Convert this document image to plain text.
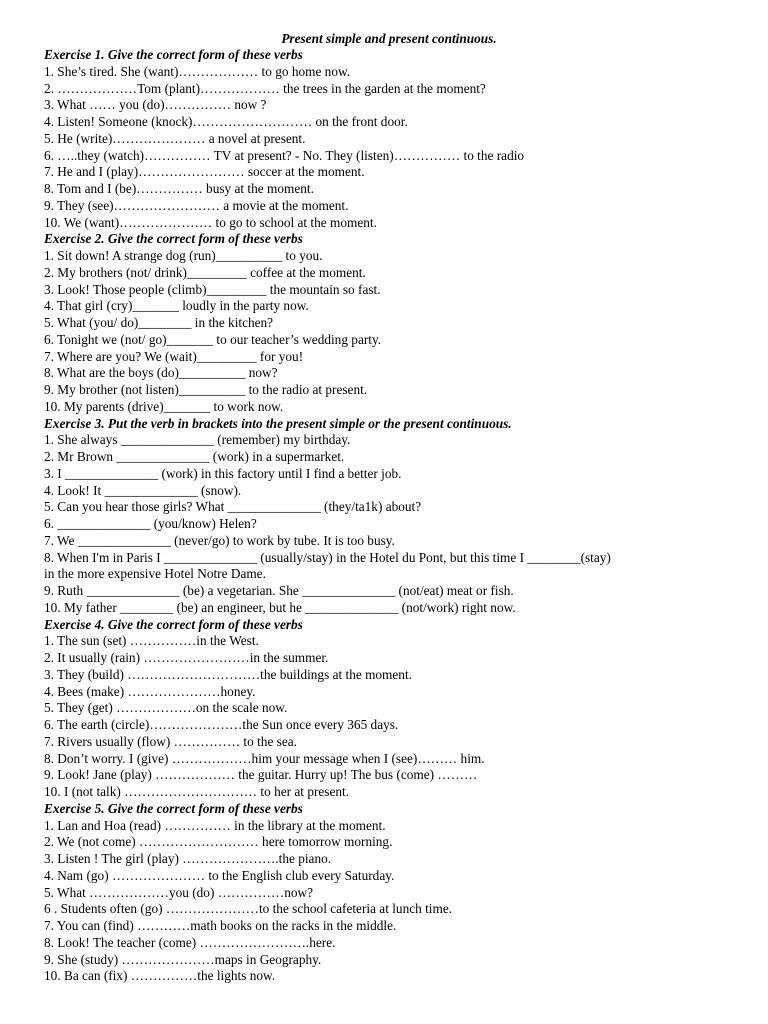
Present simple and present continuous.
Exercise 1. Give the correct form of these verbs
1. She’s tired. She (want)……………… to go home now.
2. ………………Tom (plant)……………… the trees in the garden at the moment?
3. What …… you (do)…………… now ?
4. Listen! Someone (knock)……………………… on the front door.
5. He (write)………………… a novel at present.
6. …..they (watch)…………… TV at present? - No. They (listen)…………… to the radio
7. He and I (play)…………………… soccer at the moment.
8. Tom and I (be)…………… busy at the moment.
9. They (see)…………………… a movie at the moment.
10. We (want)………………… to go to school at the moment.
Exercise 2. Give the correct form of these verbs
1. Sit down! A strange dog (run)__________ to you.
2. My brothers (not/ drink)_________ coffee at the moment.
3. Look! Those people (climb)_________ the mountain so fast.
4. That girl (cry)_______ loudly in the party now.
5. What (you/ do)________ in the kitchen?
6. Tonight we (not/ go)_______ to our teacher’s wedding party.
7. Where are you? We (wait)_________ for you!
8. What are the boys (do)__________ now?
9. My brother (not listen)__________ to the radio at present.
10. My parents (drive)_______ to work now.
Exercise 3. Put the verb in brackets into the present simple or the present continuous.
1. She always ______________ (remember) my birthday.
2. Mr Brown ______________ (work) in a supermarket.
3. I ______________ (work) in this factory until I find a better job.
4. Look! It ______________ (snow).
5. Can you hear those girls? What ______________ (they/ta1k) about?
6. ______________ (you/know) Helen?
7. We ______________ (never/go) to work by tube. It is too busy.
8. When I'm in Paris I ______________ (usually/stay) in the Hotel du Pont, but this time I ________(stay)
in the more expensive Hotel Notre Dame.
9. Ruth ______________ (be) a vegetarian. She ______________ (not/eat) meat or fish.
10. My father ________ (be) an engineer, but he ______________ (not/work) right now.
Exercise 4. Give the correct form of these verbs
1. The sun (set) ……………in the West.
2. It usually (rain) ……………………in the summer.
3. They (build) …………………………the buildings at the moment.
4. Bees (make) …………………honey.
5. They (get) ………………on the scale now.
6. The earth (circle)…………………the Sun once every 365 days.
7. Rivers usually (flow) …………… to the sea.
8. Don’t worry. I (give) ………………him your message when I (see)……… him.
9. Look! Jane (play) ……………… the guitar. Hurry up! The bus (come) ………
10. I (not talk) ………………………… to her at present.
Exercise 5. Give the correct form of these verbs
1. Lan and Hoa (read) …………… in the library at the moment.
2. We (not come) ……………………… here tomorrow morning.
3. Listen ! The girl (play) ………………….the piano.
4. Nam (go) ………………… to the English club every Saturday.
5. What ………………you (do) ……………now?
6 . Students often (go) …………………to the school cafeteria at lunch time.
7. You can (find) …………math books on the racks in the middle.
8. Look! The teacher (come) …………………….here.
9. She (study) …………………maps in Geography.
10. Ba can (fix) ……………the lights now.
